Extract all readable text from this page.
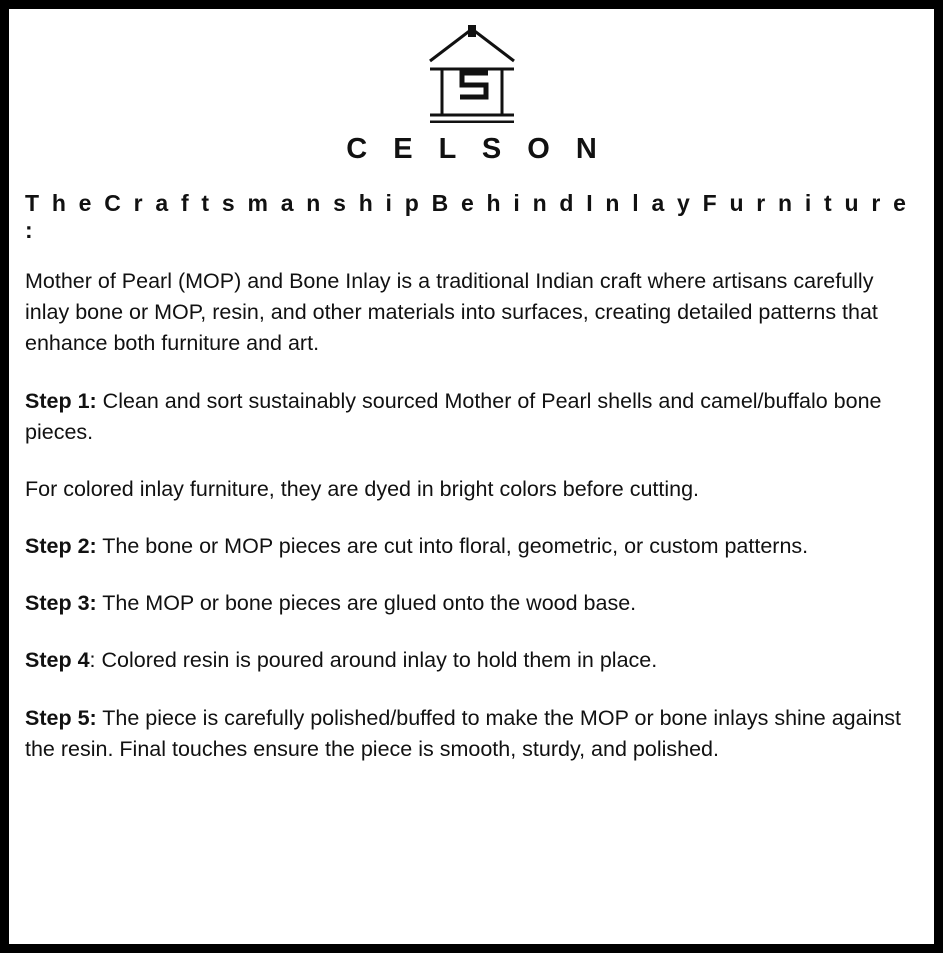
C E L S O N
T h e C r a f t s m a n s h i p B e h i n d I n l a y F u r n i t u r e :
Mother of Pearl (MOP) and Bone Inlay is a traditional Indian craft where artisans carefully inlay bone or MOP, resin, and other materials into surfaces, creating detailed patterns that enhance both furniture and art.
Step 1: Clean and sort sustainably sourced Mother of Pearl shells and camel/buffalo bone pieces.
For colored inlay furniture, they are dyed in bright colors before cutting.
Step 2: The bone or MOP pieces are cut into floral, geometric, or custom patterns.
Step 3: The MOP or bone pieces are glued onto the wood base.
Step 4: Colored resin is poured around inlay to hold them in place.
Step 5: The piece is carefully polished/buffed to make the MOP or bone inlays shine against the resin. Final touches ensure the piece is smooth, sturdy, and polished.
